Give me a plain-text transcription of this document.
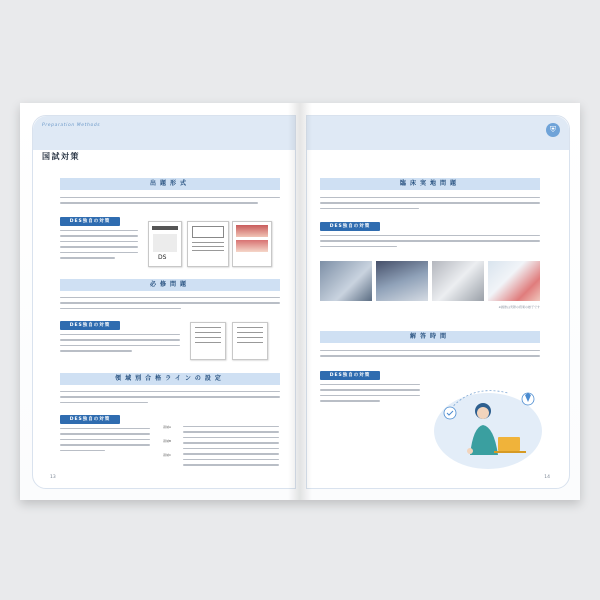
Preparation Methods
国試対策
出題形式
DES独自の対策
DS
必修問題
DES独自の対策
領域別合格ラインの設定
DES独自の対策
領域A
領域B
領域C
13
⛨
臨床実地問題
DES独自の対策
※画像は実際の授業の様子です
解答時間
DES独自の対策
14
